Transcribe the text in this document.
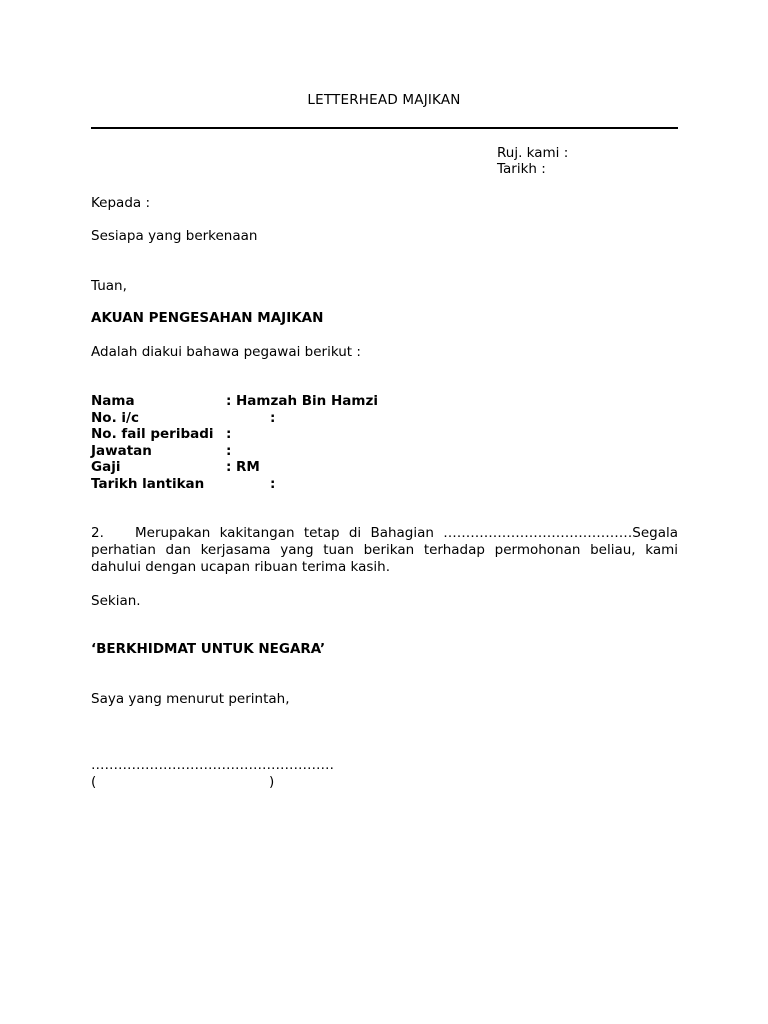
LETTERHEAD MAJIKAN
Ruj. kami :
Tarikh :
Kepada :
Sesiapa yang berkenaan
Tuan,
AKUAN PENGESAHAN MAJIKAN
Adalah diakui bahawa pegawai berikut :
Nama	: Hamzah Bin Hamzi
No. i/c	:
No. fail peribadi :
Jawatan	:
Gaji	: RM
Tarikh lantikan	:
2. Merupakan kakitangan tetap di Bahagian ……………………………………Segala perhatian dan kerjasama yang tuan berikan terhadap permohonan beliau, kami dahului dengan ucapan ribuan terima kasih.
Sekian.
‘BERKHIDMAT UNTUK NEGARA’
Saya yang menurut perintah,
………………………………………………
(	)
